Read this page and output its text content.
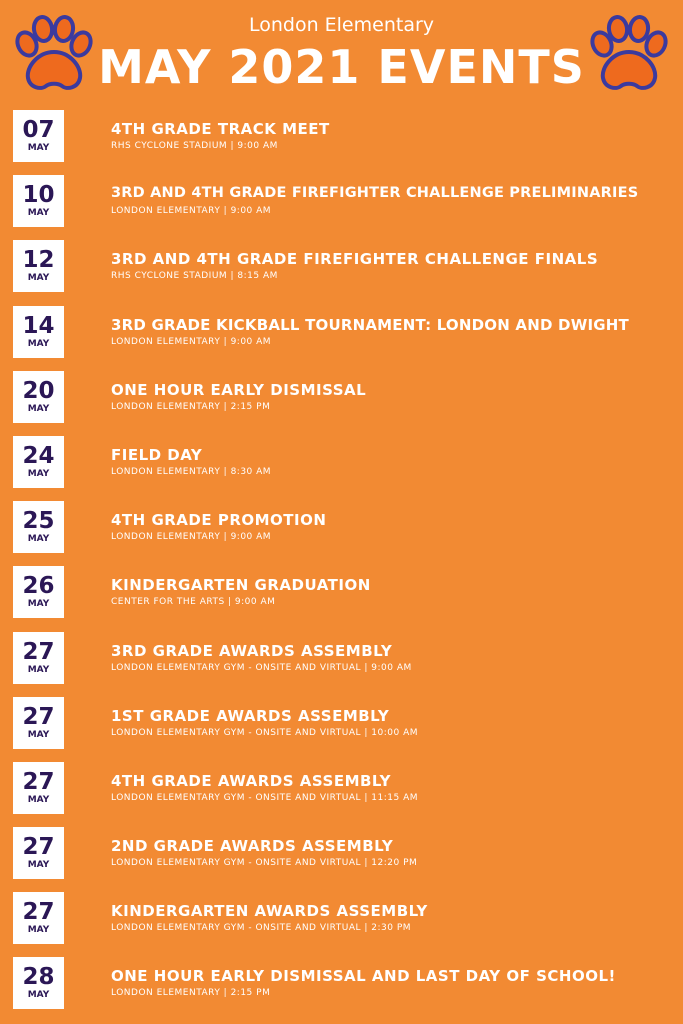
London Elementary
MAY 2021 EVENTS
07
MAY
4TH GRADE TRACK MEET
RHS CYCLONE STADIUM | 9:00 AM
10
MAY
3RD AND 4TH GRADE FIREFIGHTER CHALLENGE PRELIMINARIES
LONDON ELEMENTARY | 9:00 AM
12
MAY
3RD AND 4TH GRADE FIREFIGHTER CHALLENGE FINALS
RHS CYCLONE STADIUM | 8:15 AM
14
MAY
3RD GRADE KICKBALL TOURNAMENT: LONDON AND DWIGHT
LONDON ELEMENTARY | 9:00 AM
20
MAY
ONE HOUR EARLY DISMISSAL
LONDON ELEMENTARY | 2:15 PM
24
MAY
FIELD DAY
LONDON ELEMENTARY | 8:30 AM
25
MAY
4TH GRADE PROMOTION
LONDON ELEMENTARY | 9:00 AM
26
MAY
KINDERGARTEN GRADUATION
CENTER FOR THE ARTS | 9:00 AM
27
MAY
3RD GRADE AWARDS ASSEMBLY
LONDON ELEMENTARY GYM - ONSITE AND VIRTUAL | 9:00 AM
27
MAY
1ST GRADE AWARDS ASSEMBLY
LONDON ELEMENTARY GYM - ONSITE AND VIRTUAL | 10:00 AM
27
MAY
4TH GRADE AWARDS ASSEMBLY
LONDON ELEMENTARY GYM - ONSITE AND VIRTUAL | 11:15 AM
27
MAY
2ND GRADE AWARDS ASSEMBLY
LONDON ELEMENTARY GYM - ONSITE AND VIRTUAL | 12:20 PM
27
MAY
KINDERGARTEN AWARDS ASSEMBLY
LONDON ELEMENTARY GYM - ONSITE AND VIRTUAL | 2:30 PM
28
MAY
ONE HOUR EARLY DISMISSAL AND LAST DAY OF SCHOOL!
LONDON ELEMENTARY | 2:15 PM
